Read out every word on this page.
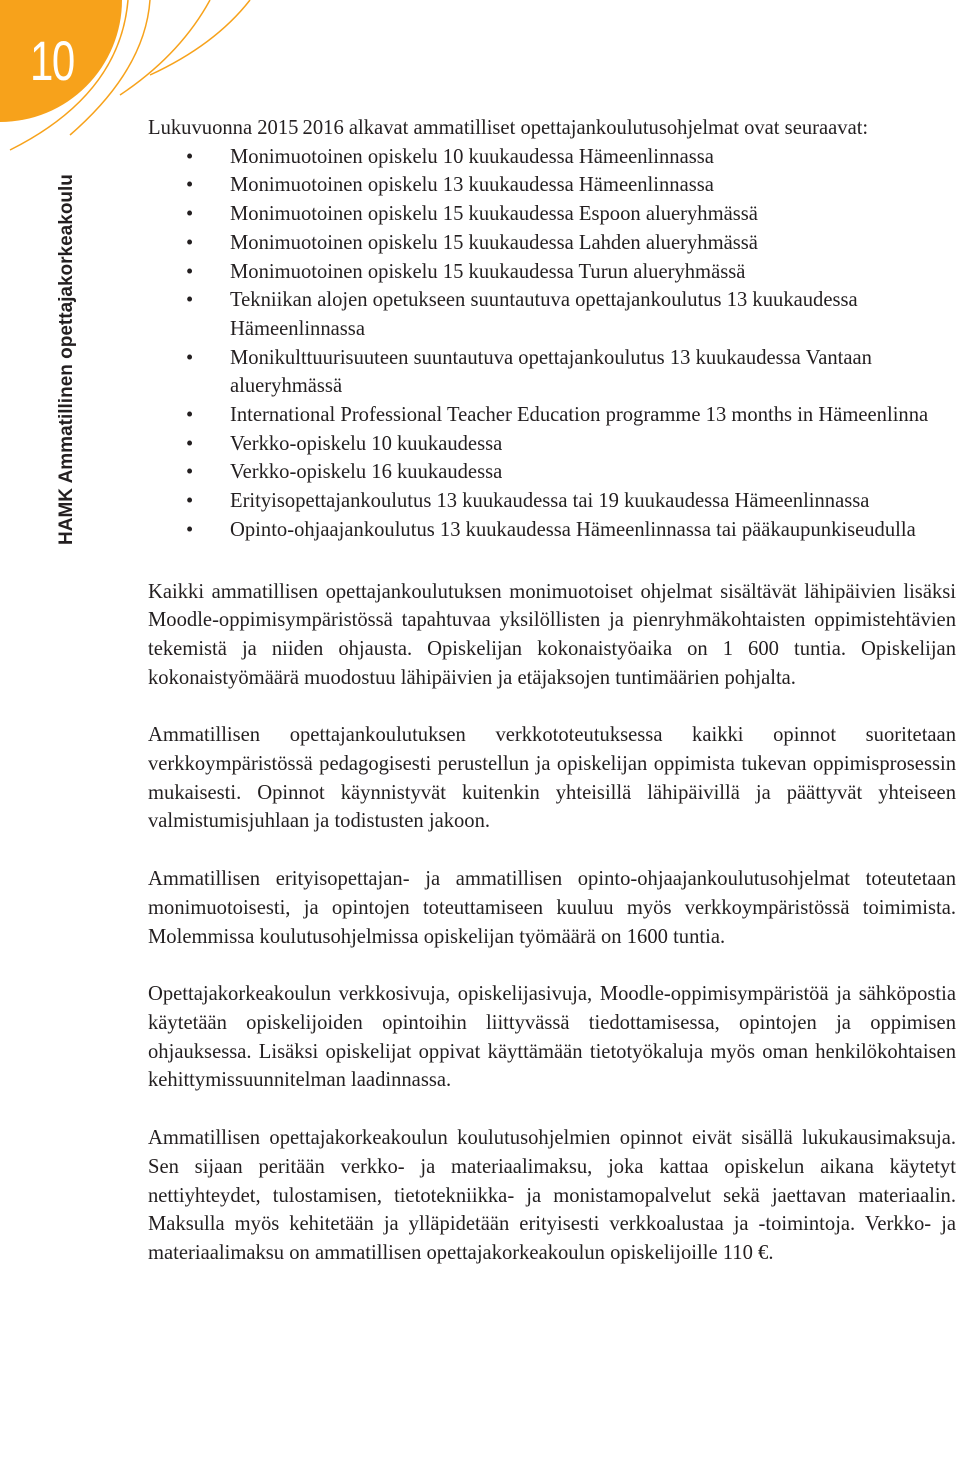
10
HAMK Ammatillinen opettajakorkeakoulu

Lukuvuonna 2015 2016 alkavat ammatilliset opettajankoulutusohjelmat ovat seuraavat:

• Monimuotoinen opiskelu 10 kuukaudessa Hämeenlinnassa
• Monimuotoinen opiskelu 13 kuukaudessa Hämeenlinnassa
• Monimuotoinen opiskelu 15 kuukaudessa Espoon alueryhmässä
• Monimuotoinen opiskelu 15 kuukaudessa Lahden alueryhmässä
• Monimuotoinen opiskelu 15 kuukaudessa Turun alueryhmässä
• Tekniikan alojen opetukseen suuntautuva opettajankoulutus 13 kuukaudessa Hämeenlinnassa
• Monikulttuurisuuteen suuntautuva opettajankoulutus 13 kuukaudessa Vantaan alueryhmässä
• International Professional Teacher Education programme 13 months in Hämeenlinna
• Verkko-opiskelu 10 kuukaudessa
• Verkko-opiskelu 16 kuukaudessa
• Erityisopettajankoulutus 13 kuukaudessa tai 19 kuukaudessa Hämeenlinnassa
• Opinto-ohjaajankoulutus 13 kuukaudessa Hämeenlinnassa tai pääkaupunkiseudulla

Kaikki ammatillisen opettajankoulutuksen monimuotoiset ohjelmat sisältävät lähipäivien lisäksi Moodle-oppimisympäristössä tapahtuvaa yksilöllisten ja pienryhmäkohtaisten oppimistehtävien tekemistä ja niiden ohjausta. Opiskelijan kokonaistyöaika on 1 600 tuntia. Opiskelijan kokonaistyömäärä muodostuu lähipäivien ja etäjaksojen tuntimäärien pohjalta.

Ammatillisen opettajankoulutuksen verkkototeutuksessa kaikki opinnot suoritetaan verkkoympäristössä pedagogisesti perustellun ja opiskelijan oppimista tukevan oppimisprosessin mukaisesti. Opinnot käynnistyvät kuitenkin yhteisillä lähipäivillä ja päättyvät yhteiseen valmistumisjuhlaan ja todistusten jakoon.

Ammatillisen erityisopettajan- ja ammatillisen opinto-ohjaajankoulutusohjelmat toteutetaan monimuotoisesti, ja opintojen toteuttamiseen kuuluu myös verkkoympäristössä toimimista. Molemmissa koulutusohjelmissa opiskelijan työmäärä on 1600 tuntia.

Opettajakorkeakoulun verkkosivuja, opiskelijasivuja, Moodle-oppimisympäristöä ja sähköpostia käytetään opiskelijoiden opintoihin liittyvässä tiedottamisessa, opintojen ja oppimisen ohjauksessa. Lisäksi opiskelijat oppivat käyttämään tietotyökaluja myös oman henkilökohtaisen kehittymissuunnitelman laadinnassa.

Ammatillisen opettajakorkeakoulun koulutusohjelmien opinnot eivät sisällä lukukausimaksuja. Sen sijaan peritään verkko- ja materiaalimaksu, joka kattaa opiskelun aikana käytetyt nettiyhteydet, tulostamisen, tietotekniikka- ja monistamopalvelut sekä jaettavan materiaalin. Maksulla myös kehitetään ja ylläpidetään erityisesti verkkoalustaa ja -toimintoja. Verkko- ja materiaalimaksu on ammatillisen opettajakorkeakoulun opiskelijoille 110 €.
